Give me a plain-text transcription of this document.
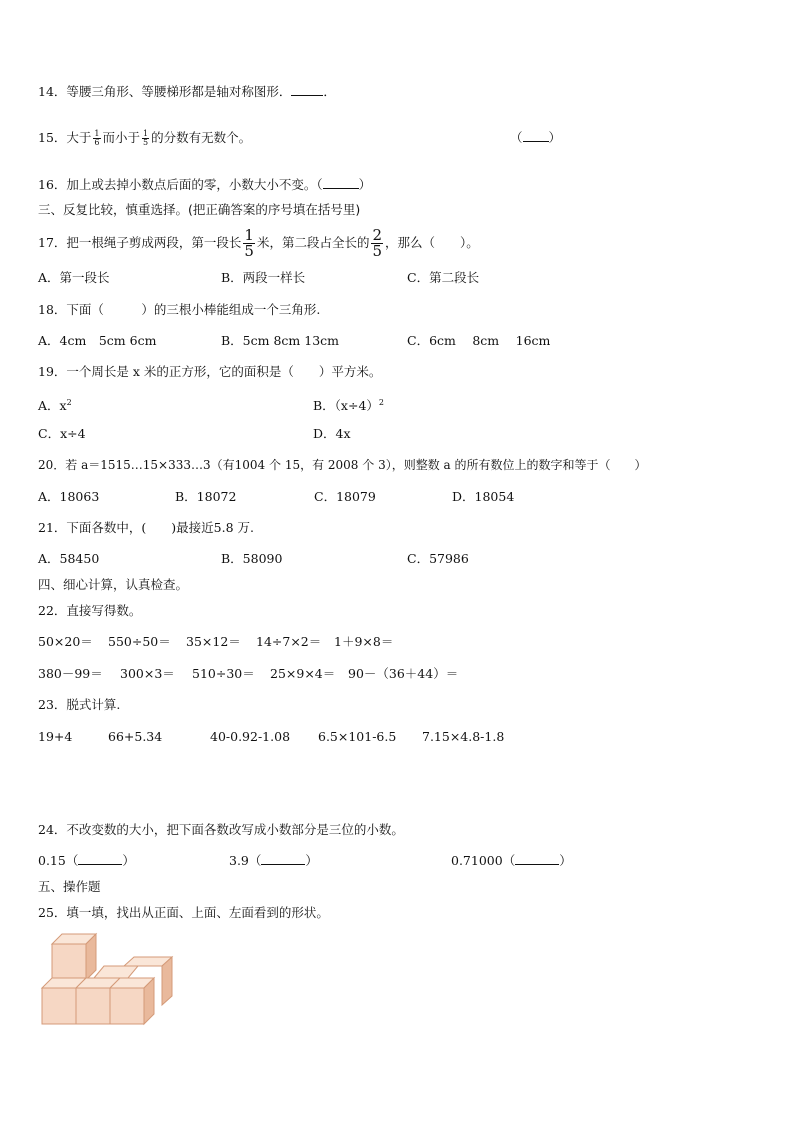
14．等腰三角形、等腰梯形都是轴对称图形．	．
15．大于 $\frac{1}{6}$ 而小于 $\frac{1}{5}$ 的分数有无数个。	（ ）
16．加上或去掉小数点后面的零，小数大小不变。（	）
三、反复比较，慎重选择。(把正确答案的序号填在括号里)
17．把一根绳子剪成两段，第一段长 $\frac{1}{5}$ 米，第二段占全长的 $\frac{2}{5}$ ，那么（　　）。
A．第一段长	B．两段一样长	C．第二段长
18．下面（　　　）的三根小棒能组成一个三角形.
A．4cm　5cm 6cm	B．5cm 8cm 13cm	C．6cm　 8cm　 16cm
19．一个周长是 x 米的正方形，它的面积是（　　）平方米。
A．$x^2$	B．$(x\div 4)^2$
C．x÷4	D．4x
20．若 a＝1515…15×333…3（有1004 个 15，有 2008 个 3），则整数 a 的所有数位上的数字和等于（　　）
A．18063	B．18072	C．18079	D．18054
21．下面各数中，(　　)最接近5.8 万.
A．58450	B．58090	C．57986
四、细心计算，认真检查。
22．直接写得数。
50×20＝ 550÷50＝ 35×12＝ 14÷7×2＝ 1＋9×8＝
380－99＝ 300×3＝ 510÷30＝ 25×9×4＝ 90－（36＋44）＝
23．脱式计算.
19+4	66+5.34	40-0.92-1.08 6.5×101-6.5 7.15×4.8-1.8
24．不改变数的大小，把下面各数改写成小数部分是三位的小数。
0.15（	）	3.9（	）	0.71000（	）
五、操作题
25．填一填，找出从正面、上面、左面看到的形状。
